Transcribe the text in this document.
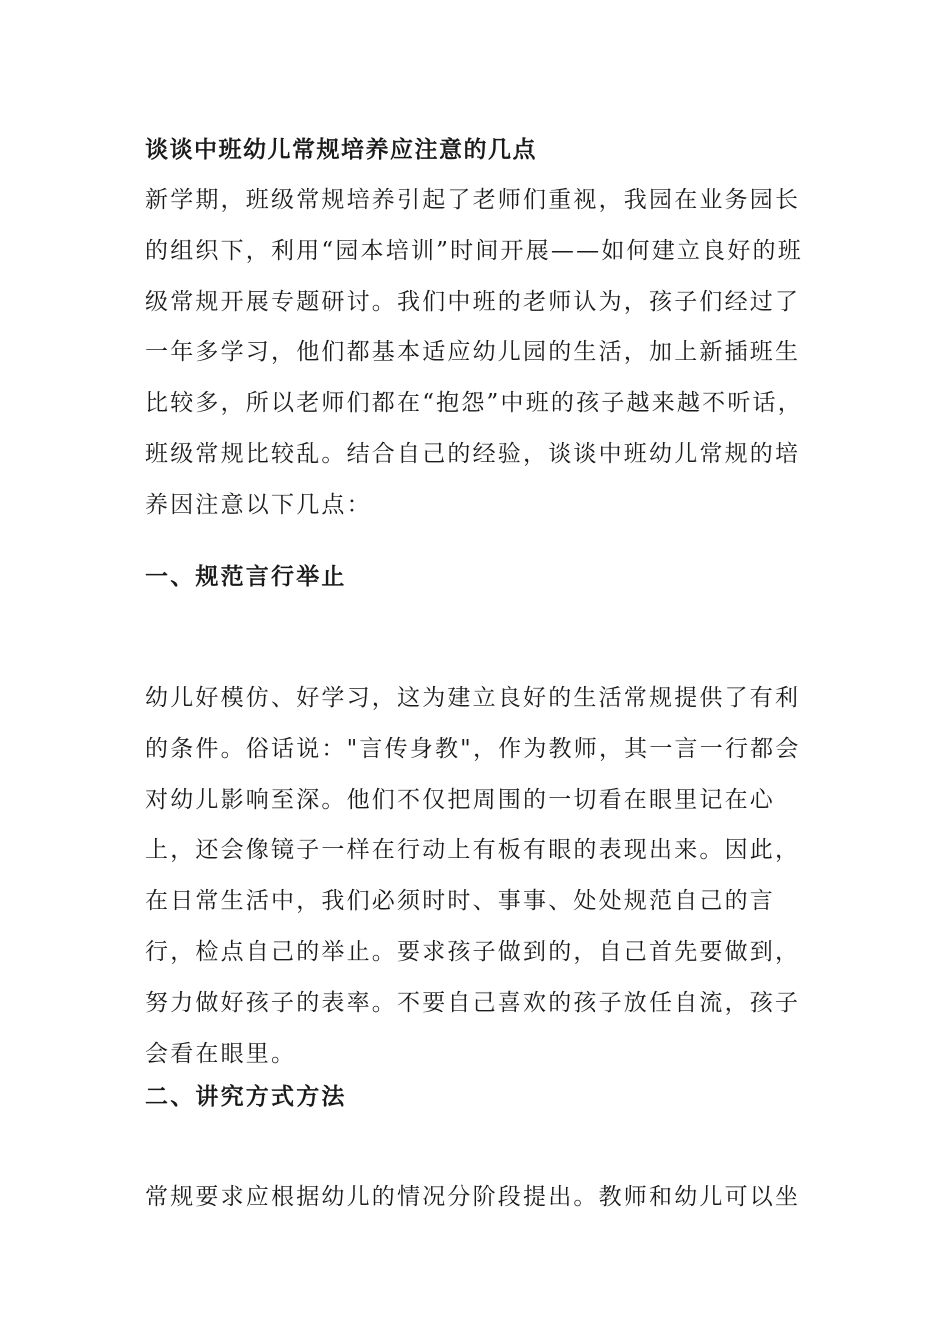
谈谈中班幼儿常规培养应注意的几点

新学期，班级常规培养引起了老师们重视，我园在业务园长的组织下，利用“园本培训”时间开展——如何建立良好的班级常规开展专题研讨。我们中班的老师认为，孩子们经过了一年多学习，他们都基本适应幼儿园的生活，加上新插班生比较多，所以老师们都在“抱怨”中班的孩子越来越不听话，班级常规比较乱。结合自己的经验，谈谈中班幼儿常规的培养因注意以下几点：

一、规范言行举止

幼儿好模仿、好学习，这为建立良好的生活常规提供了有利的条件。俗话说："言传身教"，作为教师，其一言一行都会对幼儿影响至深。他们不仅把周围的一切看在眼里记在心上，还会像镜子一样在行动上有板有眼的表现出来。因此，在日常生活中，我们必须时时、事事、处处规范自己的言行，检点自己的举止。要求孩子做到的，自己首先要做到，努力做好孩子的表率。不要自己喜欢的孩子放任自流，孩子会看在眼里。

二、讲究方式方法

常规要求应根据幼儿的情况分阶段提出。教师和幼儿可以坐
